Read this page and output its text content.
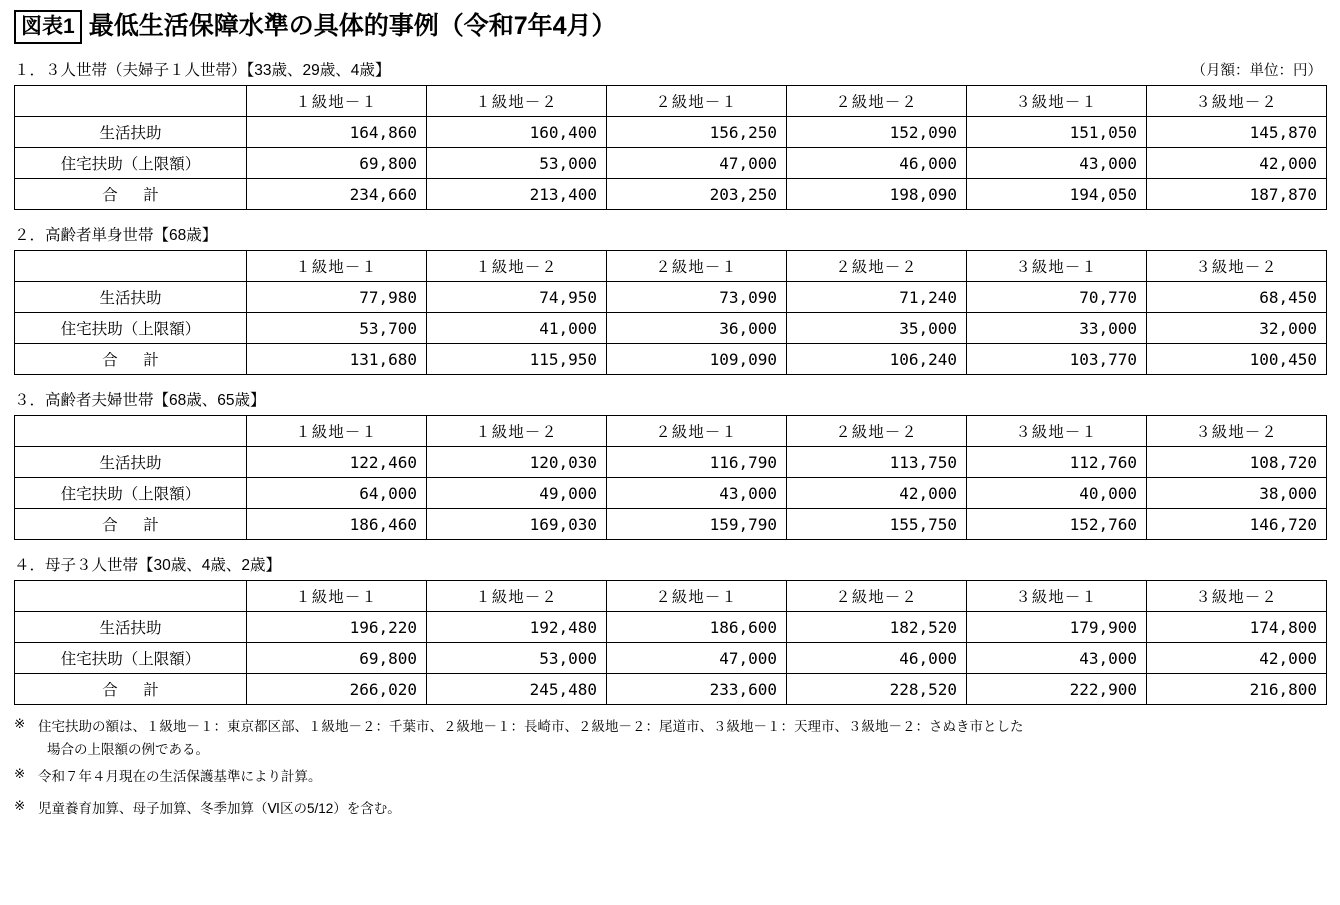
図表1 最低生活保障水準の具体的事例（令和7年4月）
１．３人世帯（夫婦子１人世帯）【33歳、29歳、4歳】	（月額：単位：円）
	１級地－１	１級地－２	２級地－１	２級地－２	３級地－１	３級地－２
生活扶助	164,860	160,400	156,250	152,090	151,050	145,870
住宅扶助（上限額）	69,800	53,000	47,000	46,000	43,000	42,000
合　計	234,660	213,400	203,250	198,090	194,050	187,870
２．高齢者単身世帯【68歳】
	１級地－１	１級地－２	２級地－１	２級地－２	３級地－１	３級地－２
生活扶助	77,980	74,950	73,090	71,240	70,770	68,450
住宅扶助（上限額）	53,700	41,000	36,000	35,000	33,000	32,000
合　計	131,680	115,950	109,090	106,240	103,770	100,450
３．高齢者夫婦世帯【68歳、65歳】
	１級地－１	１級地－２	２級地－１	２級地－２	３級地－１	３級地－２
生活扶助	122,460	120,030	116,790	113,750	112,760	108,720
住宅扶助（上限額）	64,000	49,000	43,000	42,000	40,000	38,000
合　計	186,460	169,030	159,790	155,750	152,760	146,720
４．母子３人世帯【30歳、4歳、2歳】
	１級地－１	１級地－２	２級地－１	２級地－２	３級地－１	３級地－２
生活扶助	196,220	192,480	186,600	182,520	179,900	174,800
住宅扶助（上限額）	69,800	53,000	47,000	46,000	43,000	42,000
合　計	266,020	245,480	233,600	228,520	222,900	216,800
※ 住宅扶助の額は、１級地－１：東京都区部、１級地－２：千葉市、２級地－１：長崎市、２級地－２：尾道市、３級地－１：天理市、３級地－２：さぬき市とした
場合の上限額の例である。
※ 令和７年４月現在の生活保護基準により計算。
※ 児童養育加算、母子加算、冬季加算（Ⅵ区の5/12）を含む。
